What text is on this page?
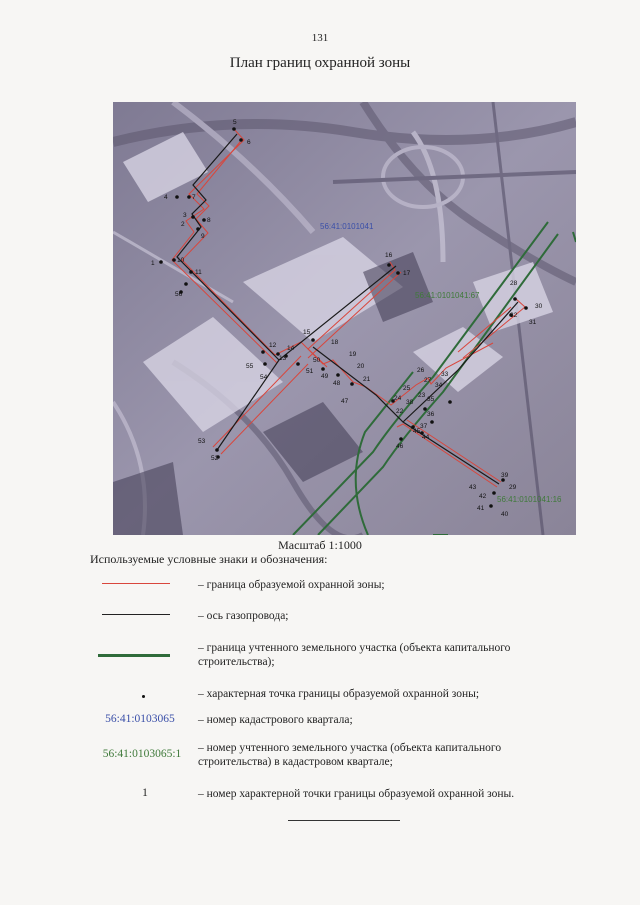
131
План границ охранной зоны
5
6
4	7
3
2
8
9
1	10
11
56
16
17
15
18
12 14
13
55
54
50
51
19
49
20
48
21
47
26
27
25
33
34
24	23
38 35
22	36
37
45
44
46
28
30
32
31
39
29
43
42
41
40
53
52
56:41:0101041
56:41:0101041:67
56:41:0101041:16
Масштаб 1:1000
Используемые условные знаки и обозначения:
– граница образуемой охранной зоны;
– ось газопровода;
– граница учтенного земельного участка (объекта капитального строительства);
– характерная точка границы образуемой охранной зоны;
56:41:0103065	– номер кадастрового квартала;
56:41:0103065:1	– номер учтенного земельного участка (объекта капитального строительства) в кадастровом квартале;
1	– номер характерной точки границы образуемой охранной зоны.
